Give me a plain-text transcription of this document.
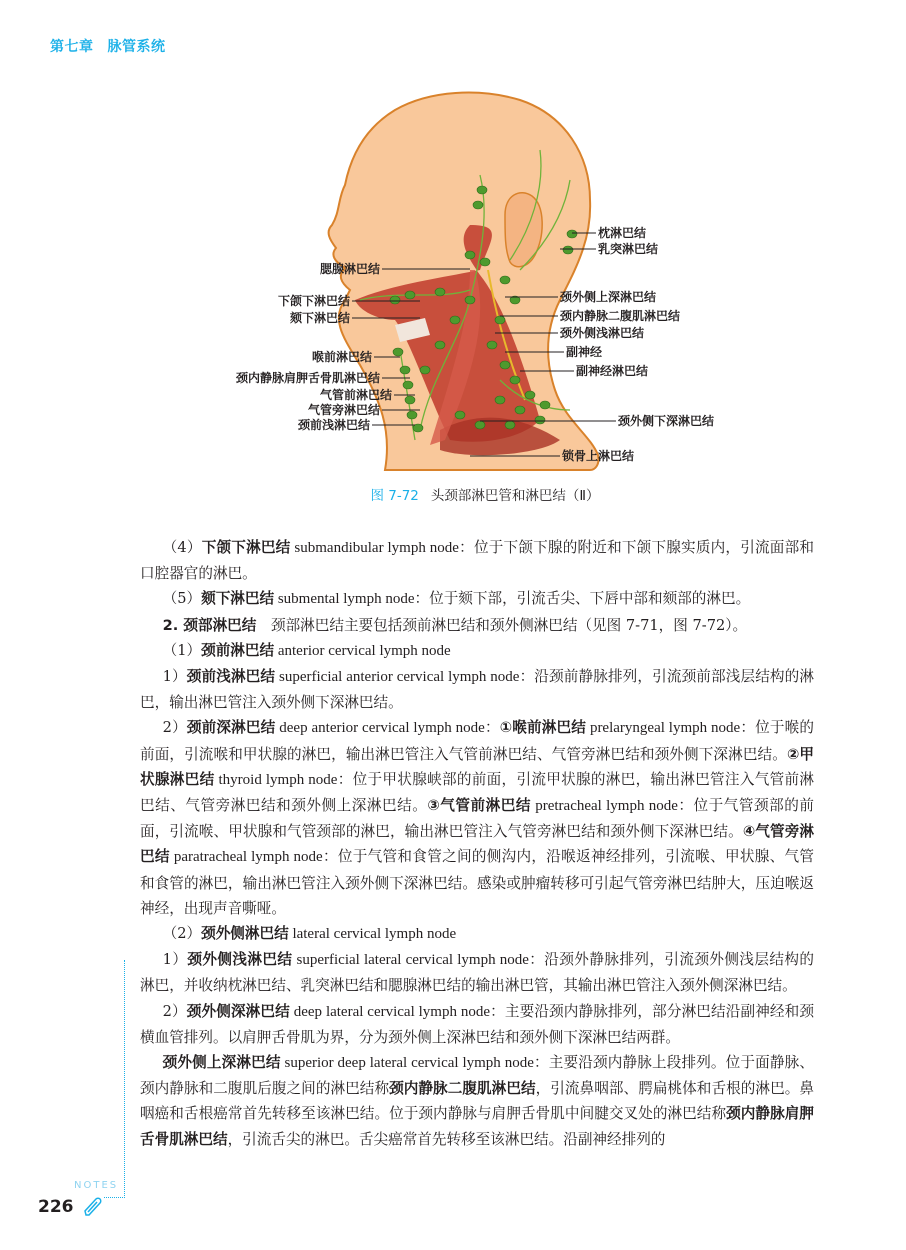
第七章 脉管系统
腮腺淋巴结
下颌下淋巴结
颏下淋巴结
喉前淋巴结
颈内静脉肩胛舌骨肌淋巴结
气管前淋巴结
气管旁淋巴结
颈前浅淋巴结
枕淋巴结
乳突淋巴结
颈外侧上深淋巴结
颈内静脉二腹肌淋巴结
颈外侧浅淋巴结
副神经
副神经淋巴结
颈外侧下深淋巴结
锁骨上淋巴结
图 7-72 头颈部淋巴管和淋巴结（Ⅱ）

（4）下颌下淋巴结 submandibular lymph node：位于下颌下腺的附近和下颌下腺实质内，引流面部和口腔器官的淋巴。

（5）颏下淋巴结 submental lymph node：位于颏下部，引流舌尖、下唇中部和颏部的淋巴。

2. 颈部淋巴结　颈部淋巴结主要包括颈前淋巴结和颈外侧淋巴结（见图 7-71，图 7-72）。

（1）颈前淋巴结 anterior cervical lymph node

1）颈前浅淋巴结 superficial anterior cervical lymph node：沿颈前静脉排列，引流颈前部浅层结构的淋巴，输出淋巴管注入颈外侧下深淋巴结。

2）颈前深淋巴结 deep anterior cervical lymph node：①喉前淋巴结 prelaryngeal lymph node：位于喉的前面，引流喉和甲状腺的淋巴，输出淋巴管注入气管前淋巴结、气管旁淋巴结和颈外侧下深淋巴结。②甲状腺淋巴结 thyroid lymph node：位于甲状腺峡部的前面，引流甲状腺的淋巴，输出淋巴管注入气管前淋巴结、气管旁淋巴结和颈外侧上深淋巴结。③气管前淋巴结 pretracheal lymph node：位于气管颈部的前面，引流喉、甲状腺和气管颈部的淋巴，输出淋巴管注入气管旁淋巴结和颈外侧下深淋巴结。④气管旁淋巴结 paratracheal lymph node：位于气管和食管之间的侧沟内，沿喉返神经排列，引流喉、甲状腺、气管和食管的淋巴，输出淋巴管注入颈外侧下深淋巴结。感染或肿瘤转移可引起气管旁淋巴结肿大，压迫喉返神经，出现声音嘶哑。

（2）颈外侧淋巴结 lateral cervical lymph node

1）颈外侧浅淋巴结 superficial lateral cervical lymph node：沿颈外静脉排列，引流颈外侧浅层结构的淋巴，并收纳枕淋巴结、乳突淋巴结和腮腺淋巴结的输出淋巴管，其输出淋巴管注入颈外侧深淋巴结。

2）颈外侧深淋巴结 deep lateral cervical lymph node：主要沿颈内静脉排列，部分淋巴结沿副神经和颈横血管排列。以肩胛舌骨肌为界，分为颈外侧上深淋巴结和颈外侧下深淋巴结两群。

颈外侧上深淋巴结 superior deep lateral cervical lymph node：主要沿颈内静脉上段排列。位于面静脉、颈内静脉和二腹肌后腹之间的淋巴结称颈内静脉二腹肌淋巴结，引流鼻咽部、腭扁桃体和舌根的淋巴。鼻咽癌和舌根癌常首先转移至该淋巴结。位于颈内静脉与肩胛舌骨肌中间腱交叉处的淋巴结称颈内静脉肩胛舌骨肌淋巴结，引流舌尖的淋巴。舌尖癌常首先转移至该淋巴结。沿副神经排列的

NOTES
226
